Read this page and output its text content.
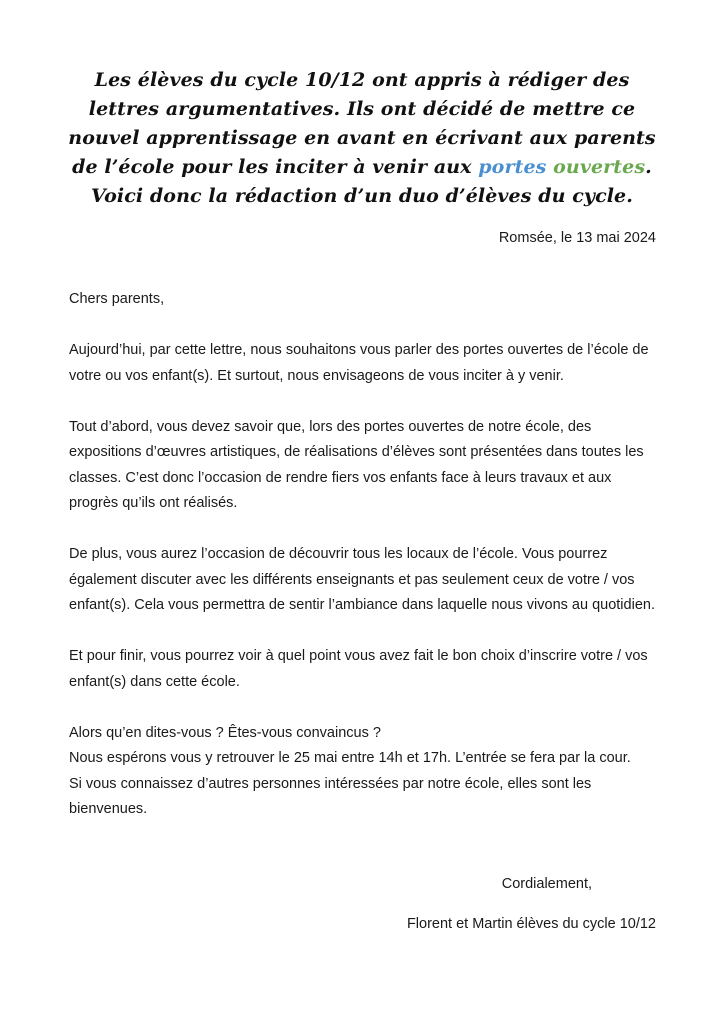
Les élèves du cycle 10/12 ont appris à rédiger des lettres argumentatives. Ils ont décidé de mettre ce nouvel apprentissage en avant en écrivant aux parents de l’école pour les inciter à venir aux portes ouvertes. Voici donc la rédaction d’un duo d’élèves du cycle.
Romsée, le 13 mai 2024

Chers parents,

Aujourd’hui, par cette lettre, nous souhaitons vous parler des portes ouvertes de l’école de votre ou vos enfant(s). Et surtout, nous envisageons de vous inciter à y venir.

Tout d’abord, vous devez savoir que, lors des portes ouvertes de notre école, des expositions d’œuvres artistiques, de réalisations d’élèves sont présentées dans toutes les classes. C’est donc l’occasion de rendre fiers vos enfants face à leurs travaux et aux progrès qu’ils ont réalisés.

De plus, vous aurez l’occasion de découvrir tous les locaux de l’école. Vous pourrez également discuter avec les différents enseignants et pas seulement ceux de votre / vos enfant(s). Cela vous permettra de sentir l’ambiance dans laquelle nous vivons au quotidien.

Et pour finir, vous pourrez voir à quel point vous avez fait le bon choix d’inscrire votre / vos enfant(s) dans cette école.

Alors qu’en dites-vous ? Êtes-vous convaincus ?

Nous espérons vous y retrouver le 25 mai entre 14h et 17h. L’entrée se fera par la cour.

Si vous connaissez d’autres personnes intéressées par notre école, elles sont les bienvenues.

Cordialement,
Florent et Martin élèves du cycle 10/12
